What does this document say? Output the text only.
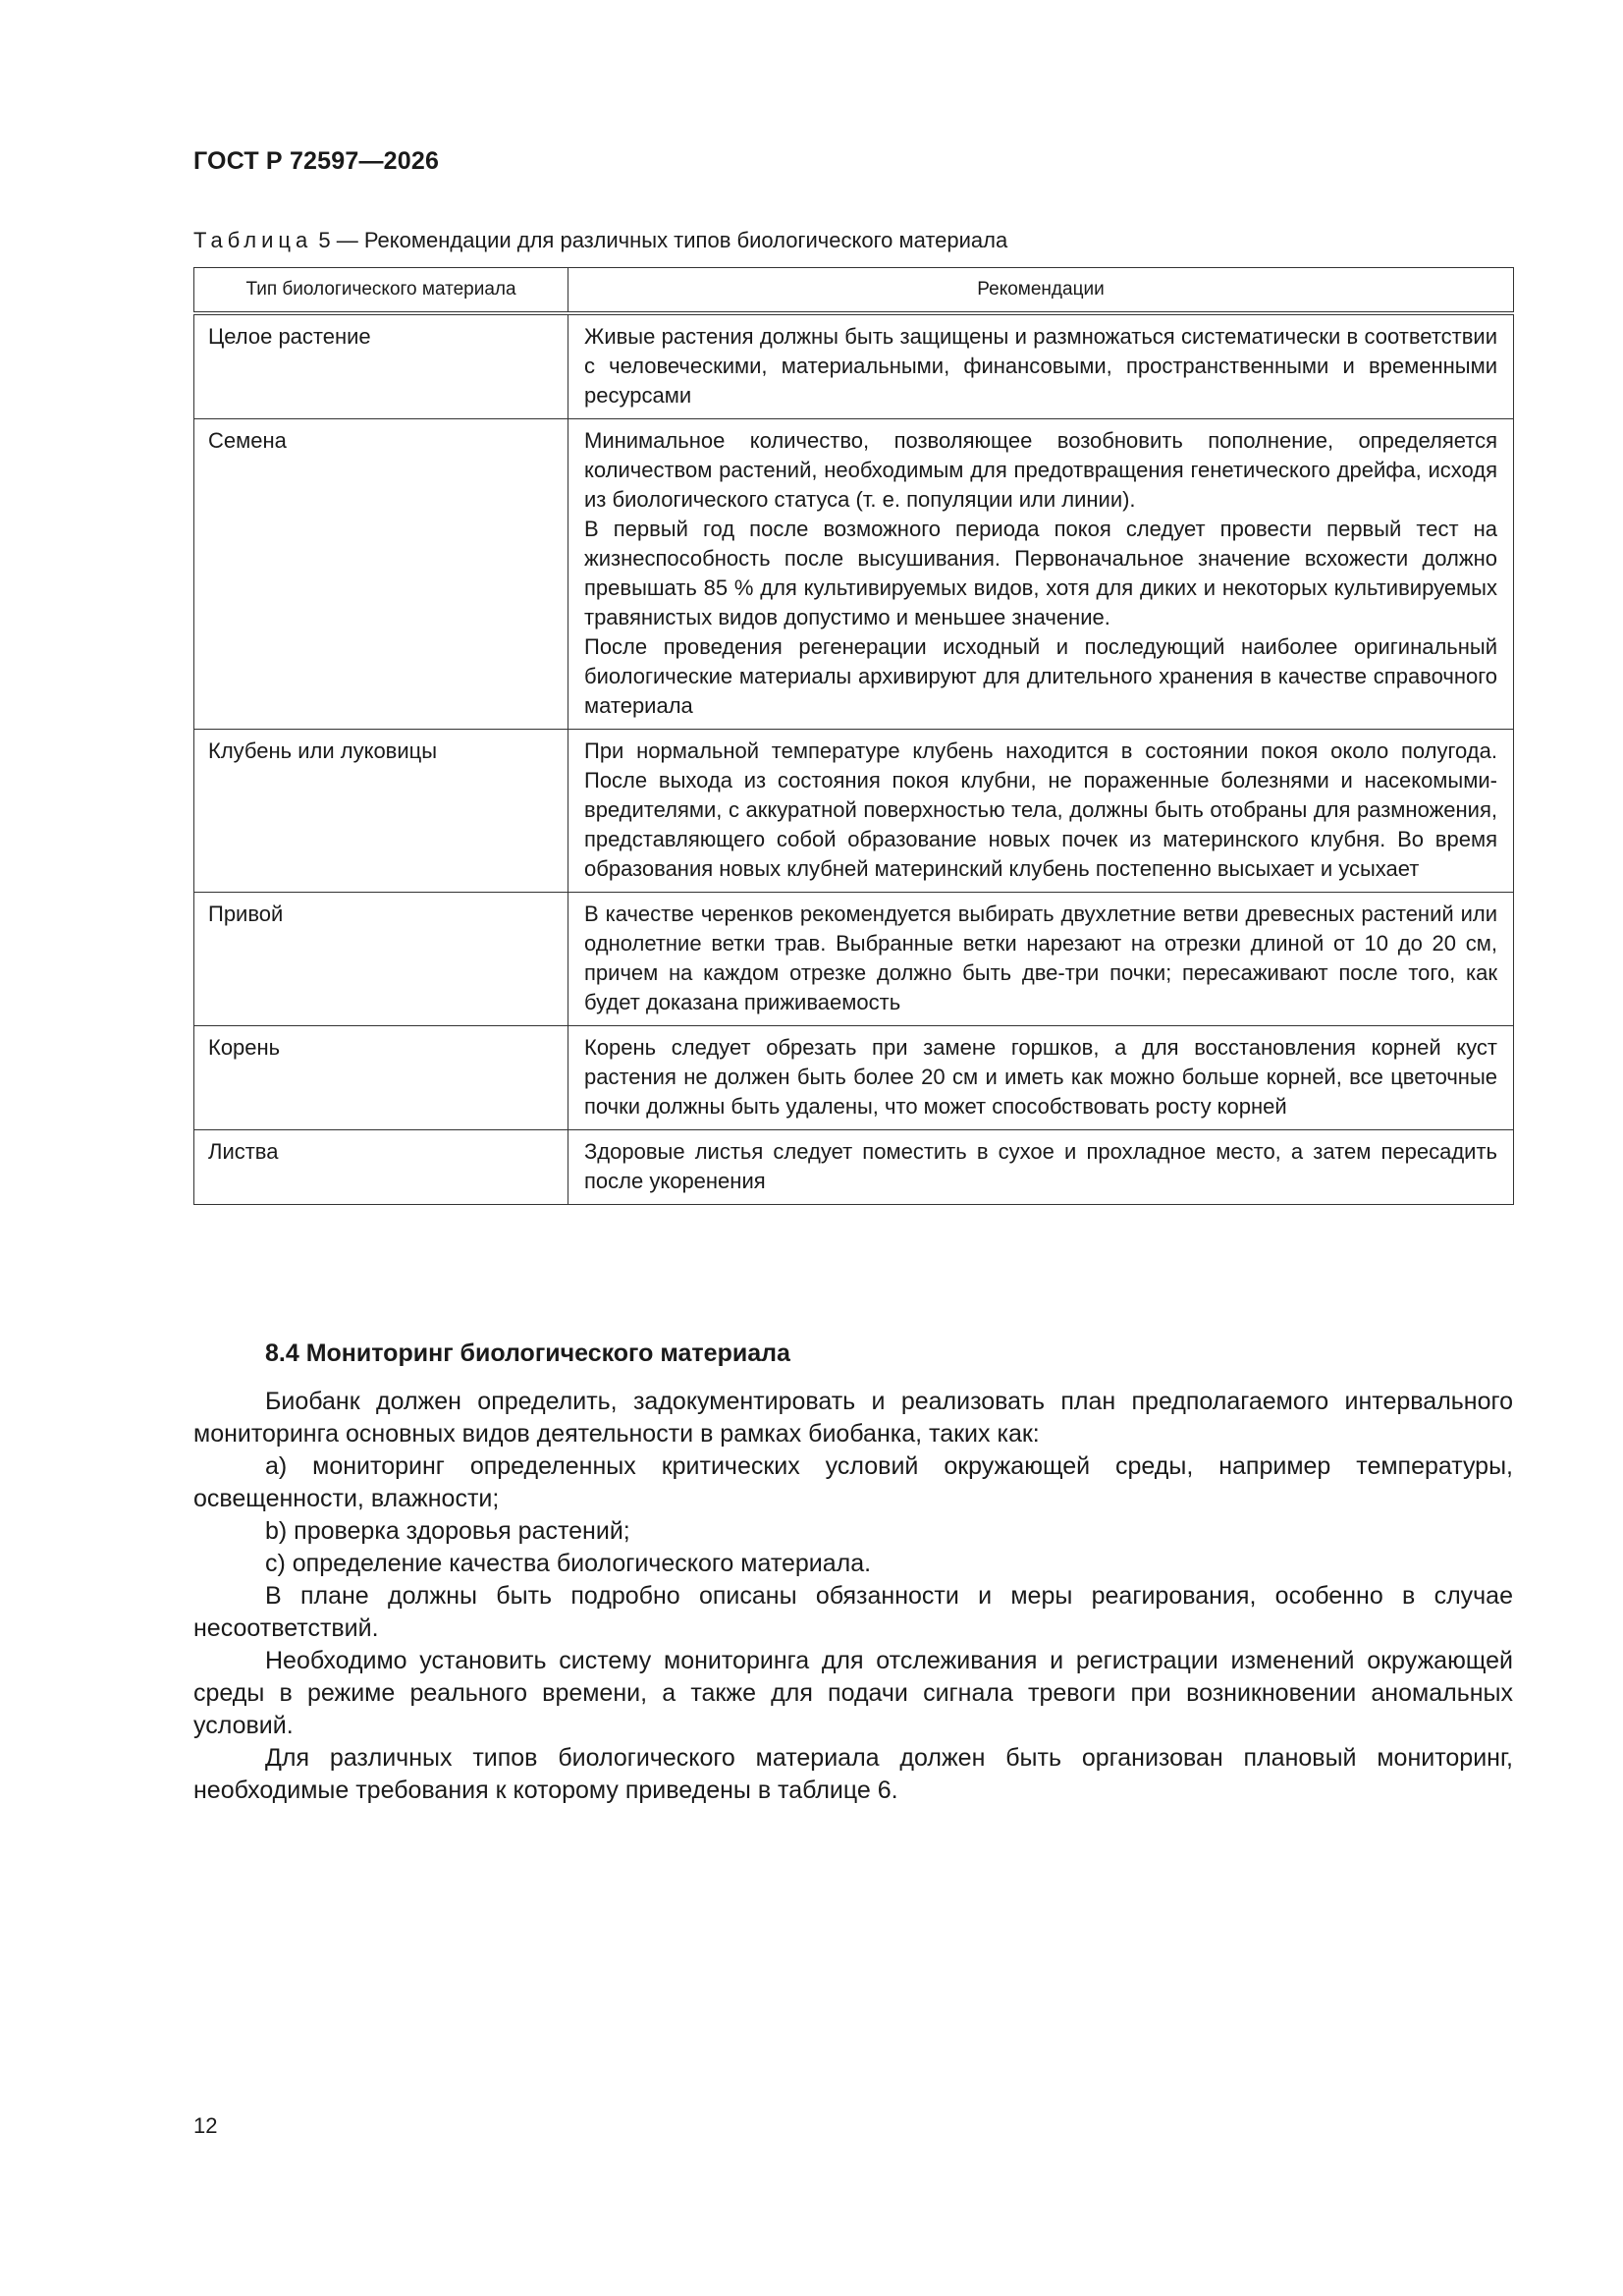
ГОСТ Р 72597—2026
Таблица 5 — Рекомендации для различных типов биологического материала
Тип биологического материала	Рекомендации
Целое растение	Живые растения должны быть защищены и размножаться систематически в соответствии с человеческими, материальными, финансовыми, пространственными и временными ресурсами
Семена	Минимальное количество, позволяющее возобновить пополнение, определяется количеством растений, необходимым для предотвращения генетического дрейфа, исходя из биологического статуса (т. е. популяции или линии).
В первый год после возможного периода покоя следует провести первый тест на жизнеспособность после высушивания. Первоначальное значение всхожести должно превышать 85 % для культивируемых видов, хотя для диких и некоторых культивируемых травянистых видов допустимо и меньшее значение.
После проведения регенерации исходный и последующий наиболее оригинальный биологические материалы архивируют для длительного хранения в качестве справочного материала

Клубень или луковицы	При нормальной температуре клубень находится в состоянии покоя около полугода. После выхода из состояния покоя клубни, не пораженные болезнями и насекомыми-вредителями, с аккуратной поверхностью тела, должны быть отобраны для размножения, представляющего собой образование новых почек из материнского клубня. Во время образования новых клубней материнский клубень постепенно высыхает и усыхает
Привой	В качестве черенков рекомендуется выбирать двухлетние ветви древесных растений или однолетние ветки трав. Выбранные ветки нарезают на отрезки длиной от 10 до 20 см, причем на каждом отрезке должно быть две-три почки; пересаживают после того, как будет доказана приживаемость
Корень	Корень следует обрезать при замене горшков, а для восстановления корней куст растения не должен быть более 20 см и иметь как можно больше корней, все цветочные почки должны быть удалены, что может способствовать росту корней
Листва	Здоровые листья следует поместить в сухое и прохладное место, а затем пересадить после укоренения
8.4 Мониторинг биологического материала

Биобанк должен определить, задокументировать и реализовать план предполагаемого интервального мониторинга основных видов деятельности в рамках биобанка, таких как:

a) мониторинг определенных критических условий окружающей среды, например температуры, освещенности, влажности;

b) проверка здоровья растений;

c) определение качества биологического материала.

В плане должны быть подробно описаны обязанности и меры реагирования, особенно в случае несоответствий.

Необходимо установить систему мониторинга для отслеживания и регистрации изменений окружающей среды в режиме реального времени, а также для подачи сигнала тревоги при возникновении аномальных условий.

Для различных типов биологического материала должен быть организован плановый мониторинг, необходимые требования к которому приведены в таблице 6.

12
